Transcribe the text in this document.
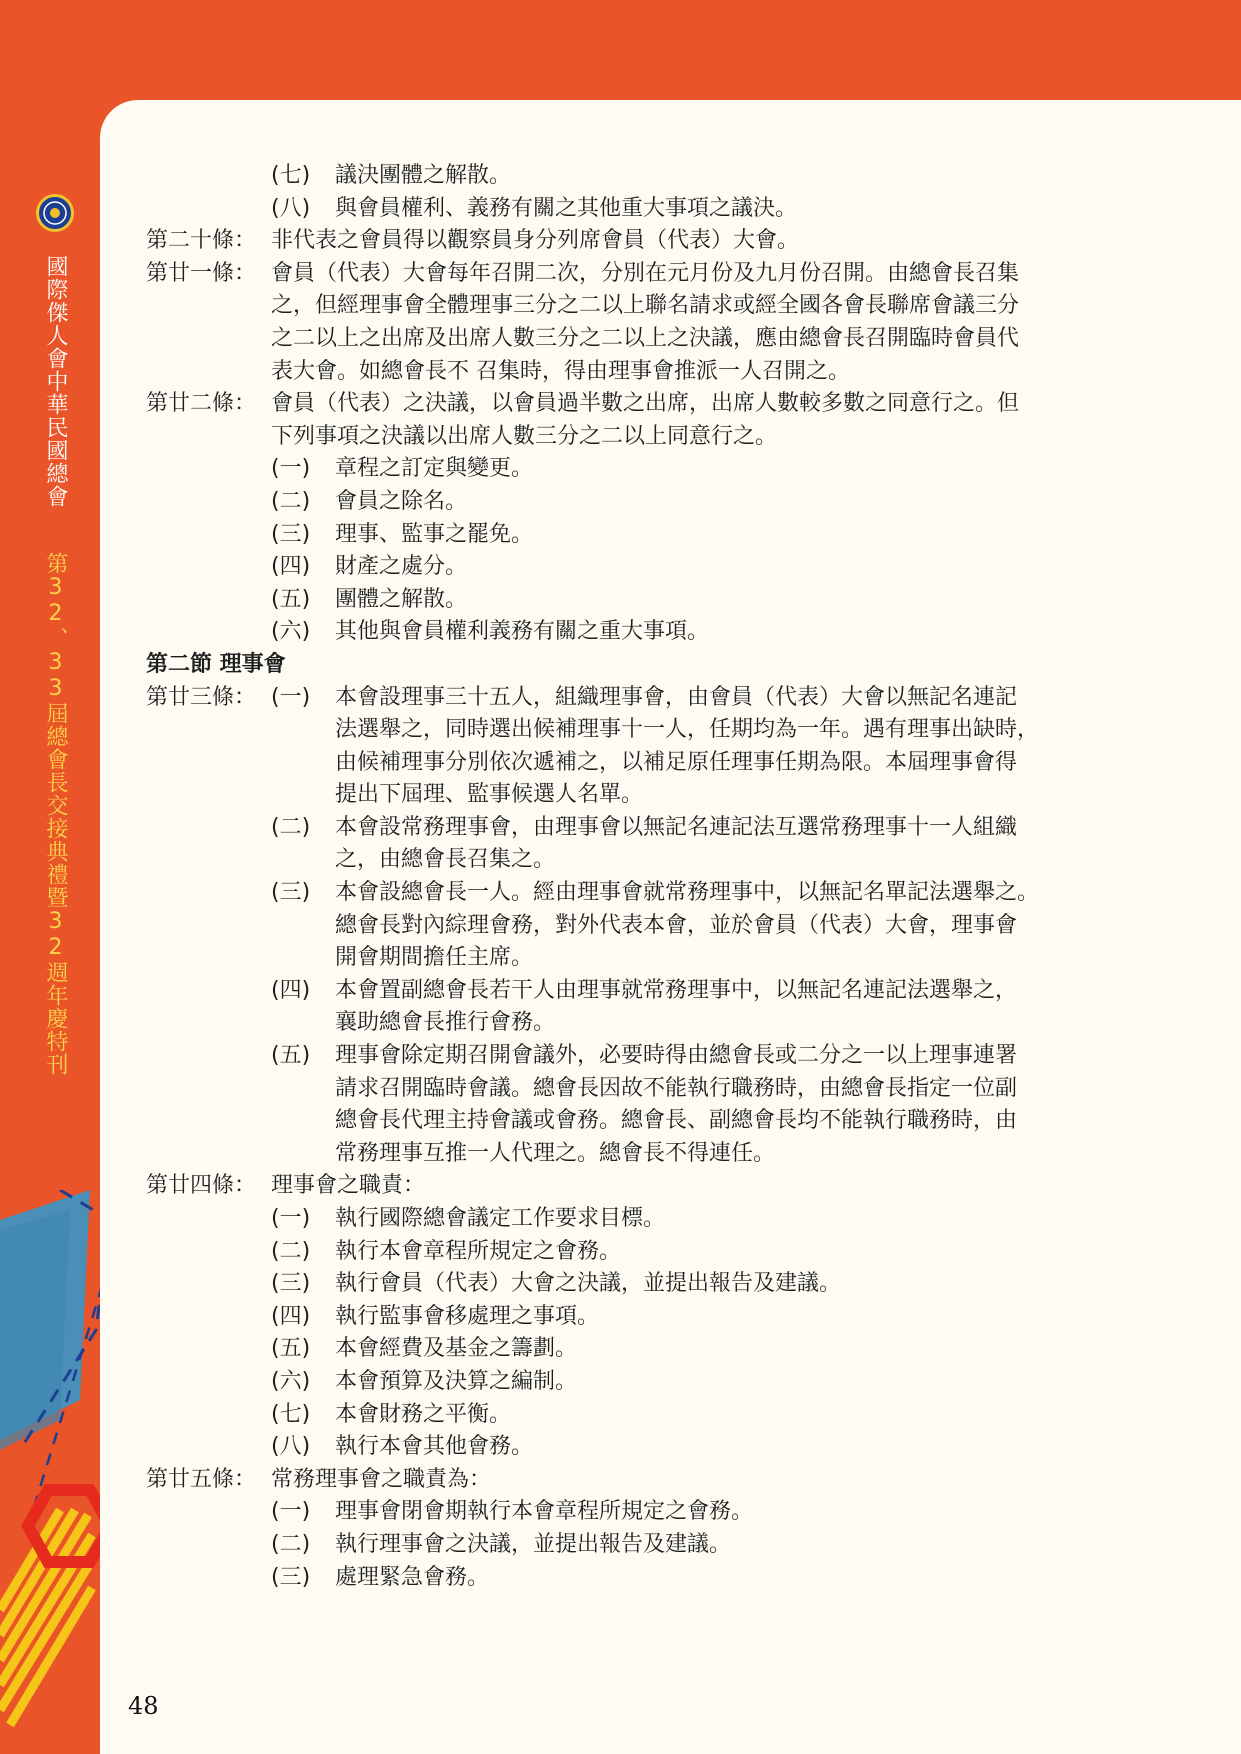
國際傑人會中華民國總會 第32、33屆總會長交接典禮暨32週年慶特刊
(七)	議決團體之解散。
(八)	與會員權利、義務有關之其他重大事項之議決。
第二十條： 非代表之會員得以觀察員身分列席會員（代表）大會。
第廿一條： 會員（代表）大會每年召開二次，分別在元月份及九月份召開。由總會長召集
之，但經理事會全體理事三分之二以上聯名請求或經全國各會長聯席會議三分
之二以上之出席及出席人數三分之二以上之決議，應由總會長召開臨時會員代
表大會。如總會長不 召集時，得由理事會推派一人召開之。
第廿二條： 會員（代表）之決議，以會員過半數之出席，出席人數較多數之同意行之。但
下列事項之決議以出席人數三分之二以上同意行之。
(一)	章程之訂定與變更。
(二)	會員之除名。
(三)	理事、監事之罷免。
(四)	財產之處分。
(五)	團體之解散。
(六)	其他與會員權利義務有關之重大事項。
第二節 理事會
第廿三條： (一)	本會設理事三十五人，組織理事會，由會員（代表）大會以無記名連記
法選舉之，同時選出候補理事十一人，任期均為一年。遇有理事出缺時，
由候補理事分別依次遞補之，以補足原任理事任期為限。本屆理事會得
提出下屆理、監事候選人名單。
(二)	本會設常務理事會，由理事會以無記名連記法互選常務理事十一人組織
之，由總會長召集之。
(三)	本會設總會長一人。經由理事會就常務理事中，以無記名單記法選舉之。
總會長對內綜理會務，對外代表本會，並於會員（代表）大會，理事會
開會期間擔任主席。
(四)	本會置副總會長若干人由理事就常務理事中，以無記名連記法選舉之，
襄助總會長推行會務。
(五)	理事會除定期召開會議外，必要時得由總會長或二分之一以上理事連署
請求召開臨時會議。總會長因故不能執行職務時，由總會長指定一位副
總會長代理主持會議或會務。總會長、副總會長均不能執行職務時，由
常務理事互推一人代理之。總會長不得連任。
第廿四條： 理事會之職責：
(一)	執行國際總會議定工作要求目標。
(二)	執行本會章程所規定之會務。
(三)	執行會員（代表）大會之決議，並提出報告及建議。
(四)	執行監事會移處理之事項。
(五)	本會經費及基金之籌劃。
(六)	本會預算及決算之編制。
(七)	本會財務之平衡。
(八)	執行本會其他會務。
第廿五條： 常務理事會之職責為：
(一)	理事會閉會期執行本會章程所規定之會務。
(二)	執行理事會之決議，並提出報告及建議。
(三)	處理緊急會務。
48
